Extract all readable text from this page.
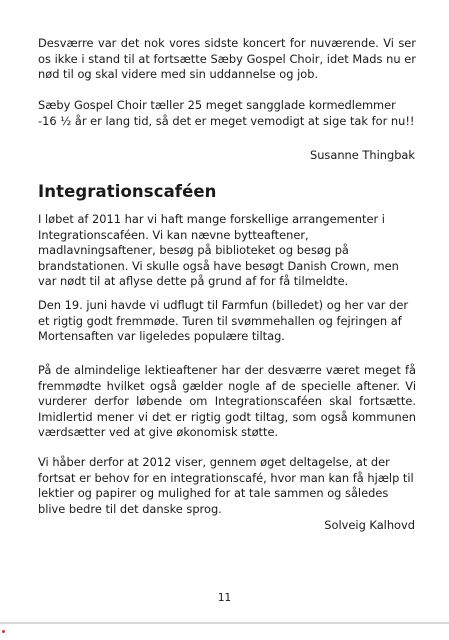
Desværre var det nok vores sidste koncert for nuværende. Vi ser os ikke i stand til at fortsætte Sæby Gospel Choir, idet Mads nu er nød til og skal videre med sin uddannelse og job.

Sæby Gospel Choir tæller 25 meget sangglade kormedlemmer -16 ½ år er lang tid, så det er meget vemodigt at sige tak for nu!!

Susanne Thingbak

Integrationscaféen

I løbet af 2011 har vi haft mange forskellige arrangementer i Integrationscaféen. Vi kan nævne bytteaftener, madlavningsaftener, besøg på biblioteket og besøg på brandstationen. Vi skulle også have besøgt Danish Crown, men var nødt til at aflyse dette på grund af for få tilmeldte.

Den 19. juni havde vi udflugt til Farmfun (billedet) og her var der et rigtig godt fremmøde. Turen til svømmehallen og fejringen af Mortensaften var ligeledes populære tiltag.

På de almindelige lektieaftener har der desværre været meget få fremmødte hvilket også gælder nogle af de specielle aftener. Vi vurderer derfor løbende om Integrationscaféen skal fortsætte. Imidlertid mener vi det er rigtig godt tiltag, som også kommunen værdsætter ved at give økonomisk støtte.

Vi håber derfor at 2012 viser, gennem øget deltagelse, at der fortsat er behov for en integrationscafé, hvor man kan få hjælp til lektier og papirer og mulighed for at tale sammen og således blive bedre til det danske sprog.

Solveig Kalhovd

11
